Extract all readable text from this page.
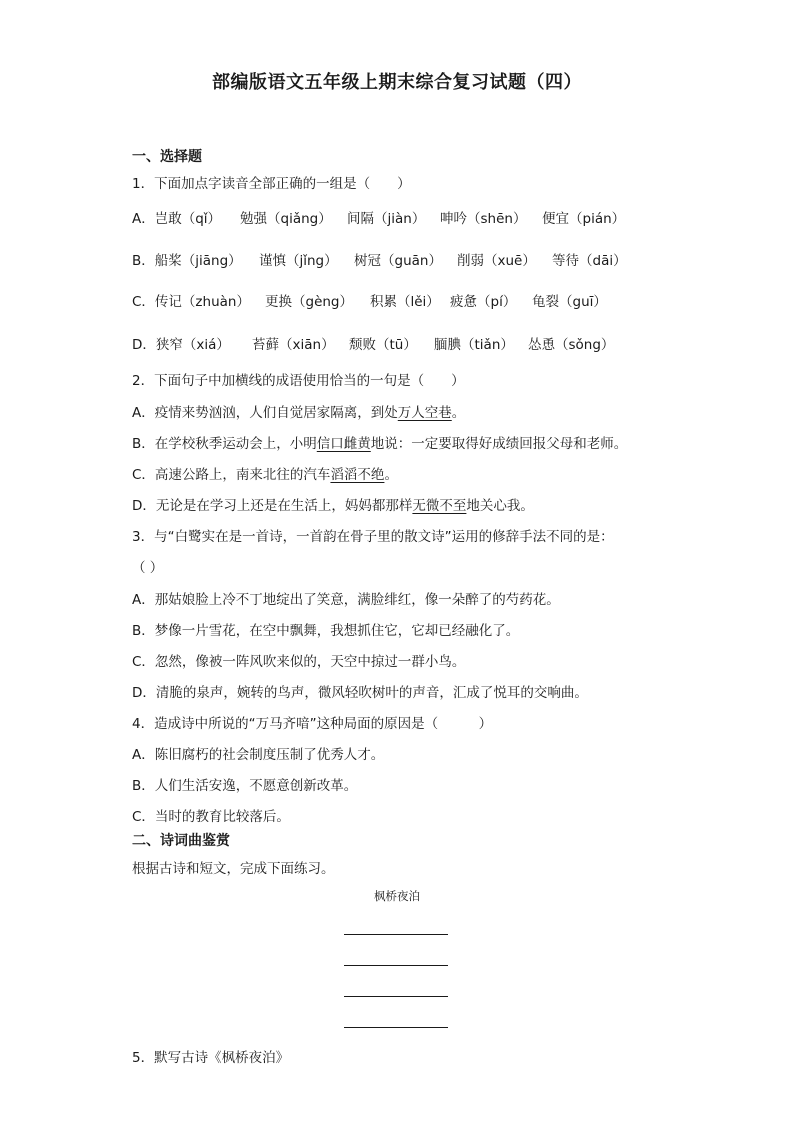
部编版语文五年级上期末综合复习试题（四）
一、选择题
1．下面加点字读音全部正确的一组是（　　）
A．岂敢（qǐ） 勉强（qiǎng） 间隔（jiàn） 呻吟（shēn） 便宜（pián）
B．船桨（jiāng） 谨慎（jǐng） 树冠（guān） 削弱（xuē） 等待（dāi）
C．传记（zhuàn） 更换（gèng） 积累（lěi） 疲惫（pí） 龟裂（guī）
D．狭窄（xiá） 苔藓（xiān） 颓败（tū） 腼腆（tiǎn） 怂恿（sǒng）
2．下面句子中加横线的成语使用恰当的一句是（　　）
A．疫情来势汹汹，人们自觉居家隔离，到处万人空巷。
B．在学校秋季运动会上，小明信口雌黄地说：一定要取得好成绩回报父母和老师。
C．高速公路上，南来北往的汽车滔滔不绝。
D．无论是在学习上还是在生活上，妈妈都那样无微不至地关心我。
3．与“白鹭实在是一首诗，一首韵在骨子里的散文诗”运用的修辞手法不同的是：
（ ）
A．那姑娘脸上冷不丁地绽出了笑意，满脸绯红，像一朵醉了的芍药花。
B．梦像一片雪花，在空中飘舞，我想抓住它，它却已经融化了。
C．忽然，像被一阵风吹来似的，天空中掠过一群小鸟。
D．清脆的泉声，婉转的鸟声，微风轻吹树叶的声音，汇成了悦耳的交响曲。
4．造成诗中所说的“万马齐喑”这种局面的原因是（　　　）
A．陈旧腐朽的社会制度压制了优秀人才。
B．人们生活安逸，不愿意创新改革。
C．当时的教育比较落后。
二、诗词曲鉴赏
根据古诗和短文，完成下面练习。
枫桥夜泊
5．默写古诗《枫桥夜泊》
